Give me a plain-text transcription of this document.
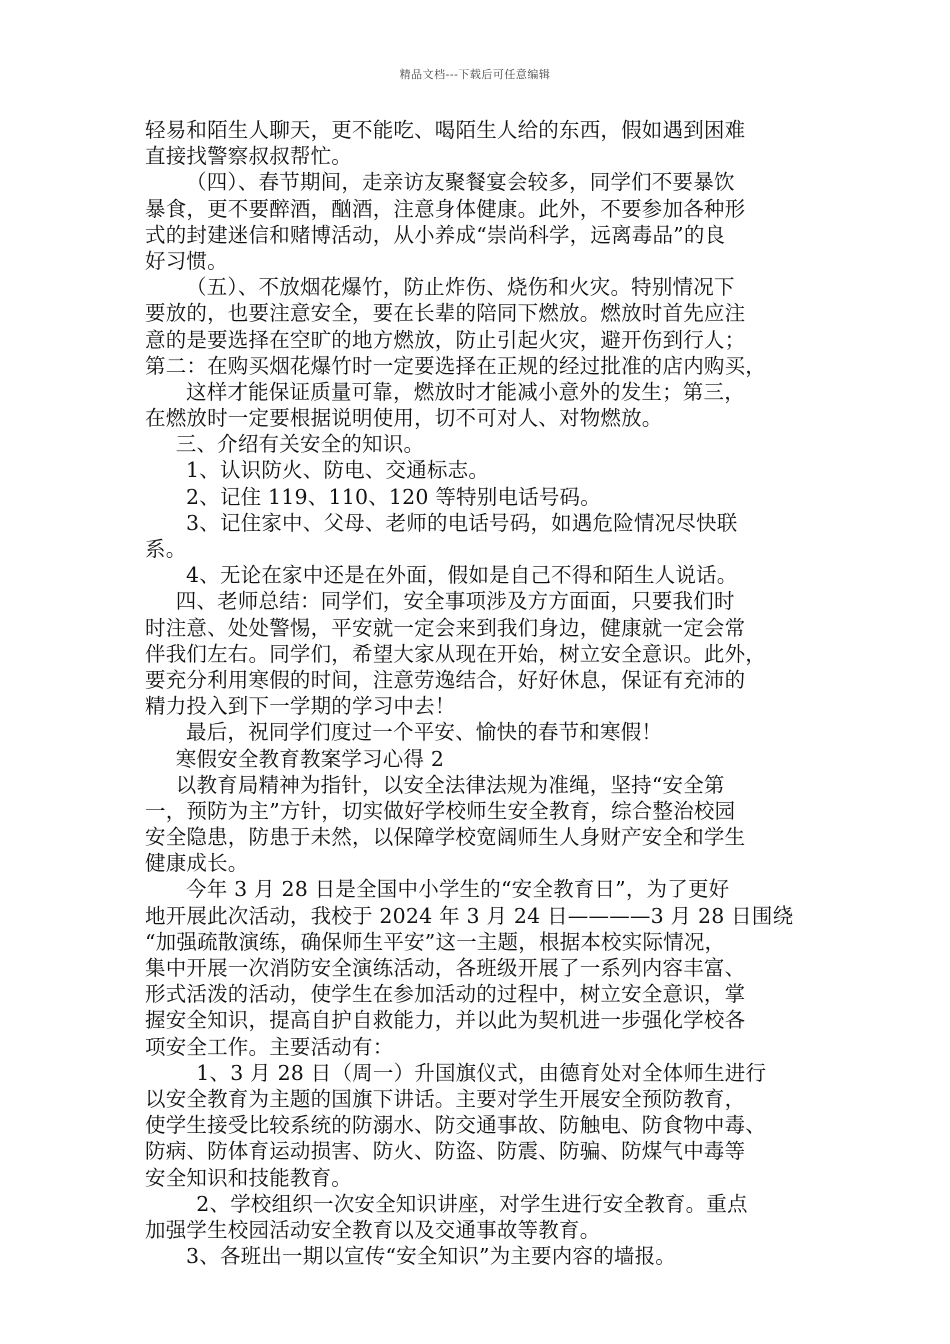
精品文档---下载后可任意编辑
轻易和陌生人聊天，更不能吃、喝陌生人给的东西，假如遇到困难
直接找警察叔叔帮忙。
（四）、春节期间，走亲访友聚餐宴会较多，同学们不要暴饮
暴食，更不要醉酒，酗酒，注意身体健康。此外，不要参加各种形
式的封建迷信和赌博活动，从小养成“崇尚科学，远离毒品”的良
好习惯。
（五）、不放烟花爆竹，防止炸伤、烧伤和火灾。特别情况下
要放的，也要注意安全，要在长辈的陪同下燃放。燃放时首先应注
意的是要选择在空旷的地方燃放，防止引起火灾，避开伤到行人；
第二：在购买烟花爆竹时一定要选择在正规的经过批准的店内购买，
这样才能保证质量可靠，燃放时才能减小意外的发生；第三，
在燃放时一定要根据说明使用，切不可对人、对物燃放。
三、介绍有关安全的知识。
1、认识防火、防电、交通标志。
2、记住 119、110、120 等特别电话号码。
3、记住家中、父母、老师的电话号码，如遇危险情况尽快联
系。
4、无论在家中还是在外面，假如是自己不得和陌生人说话。
四、老师总结：同学们，安全事项涉及方方面面，只要我们时
时注意、处处警惕，平安就一定会来到我们身边，健康就一定会常
伴我们左右。同学们，希望大家从现在开始，树立安全意识。此外，
要充分利用寒假的时间，注意劳逸结合，好好休息，保证有充沛的
精力投入到下一学期的学习中去！
最后，祝同学们度过一个平安、愉快的春节和寒假！
寒假安全教育教案学习心得 2
以教育局精神为指针，以安全法律法规为准绳，坚持“安全第
一，预防为主”方针，切实做好学校师生安全教育，综合整治校园
安全隐患，防患于未然，以保障学校宽阔师生人身财产安全和学生
健康成长。
今年 3 月 28 日是全国中小学生的“安全教育日”，为了更好
地开展此次活动，我校于 2024 年 3 月 24 日————3 月 28 日围绕
“加强疏散演练，确保师生平安”这一主题，根据本校实际情况，
集中开展一次消防安全演练活动，各班级开展了一系列内容丰富、
形式活泼的活动，使学生在参加活动的过程中，树立安全意识，掌
握安全知识，提高自护自救能力，并以此为契机进一步强化学校各
项安全工作。主要活动有：
1、3 月 28 日（周一）升国旗仪式，由德育处对全体师生进行
以安全教育为主题的国旗下讲话。主要对学生开展安全预防教育，
使学生接受比较系统的防溺水、防交通事故、防触电、防食物中毒、
防病、防体育运动损害、防火、防盗、防震、防骗、防煤气中毒等
安全知识和技能教育。
2、学校组织一次安全知识讲座，对学生进行安全教育。重点
加强学生校园活动安全教育以及交通事故等教育。
3、各班出一期以宣传“安全知识”为主要内容的墙报。
